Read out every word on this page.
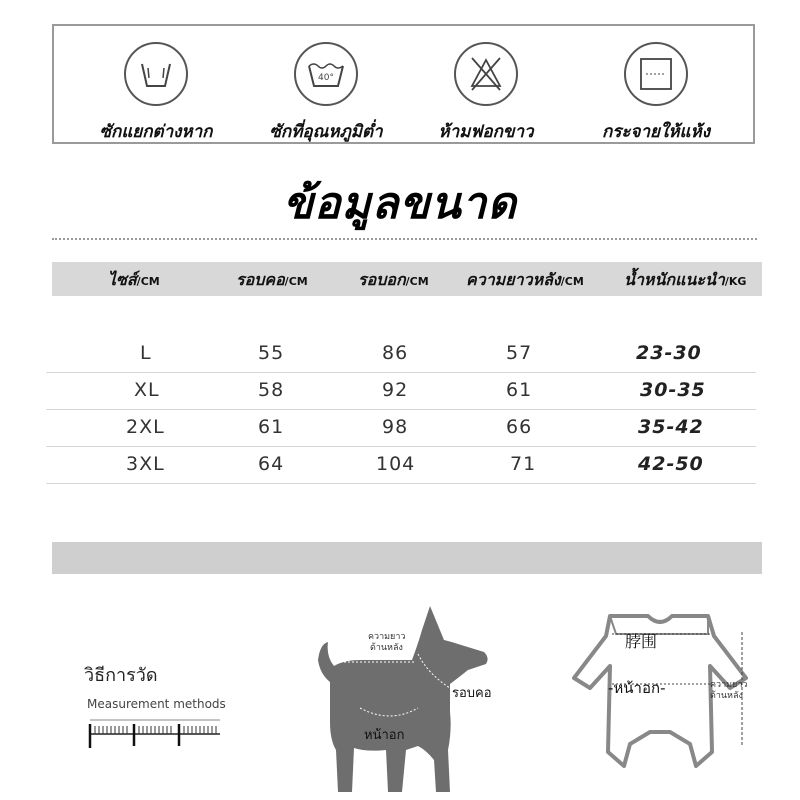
ซักแยกต่างหาก
40°
ซักที่อุณหภูมิต่ำ	ห้ามฟอกขาว	กระจายให้แห้ง
ข้อมูลขนาด
ไซส์/CM	รอบคอ/CM	รอบอก/CM ความยาวหลัง/CM	น้ำหนักแนะนำ/KG
L	55	86	57	23-30
XL	58	92	61	30-35
2XL	61	98	66	35-42
3XL	64	104	71	42-50
วิธีการวัด
Measurement methods
ความยาว
ด้านหลัง
รอบคอ
หน้าอก
脖围
-หน้าอก-	ความยาว
ด้านหลัง
